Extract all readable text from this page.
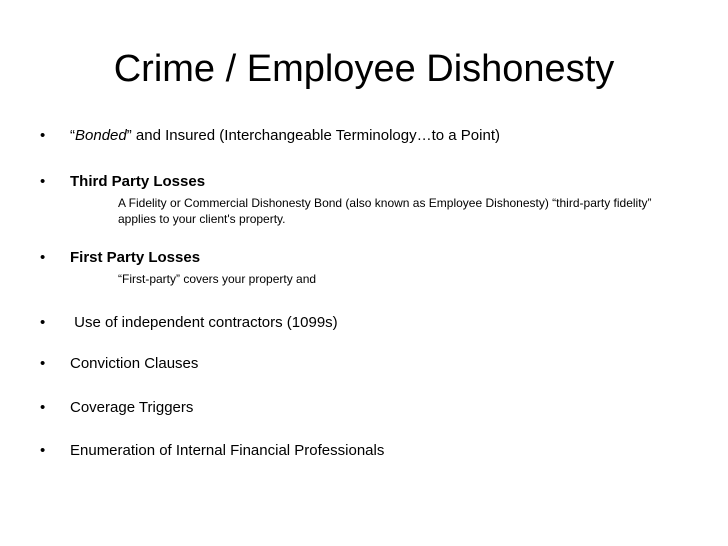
Crime / Employee Dishonesty
• “Bonded” and Insured (Interchangeable Terminology…to a Point)
• Third Party Losses
A Fidelity or Commercial Dishonesty Bond (also known as Employee Dishonesty) “third-party fidelity” applies to your client's property.
• First Party Losses
“First-party” covers your property and
• Use of independent contractors (1099s)
• Conviction Clauses
• Coverage Triggers
• Enumeration of Internal Financial Professionals
